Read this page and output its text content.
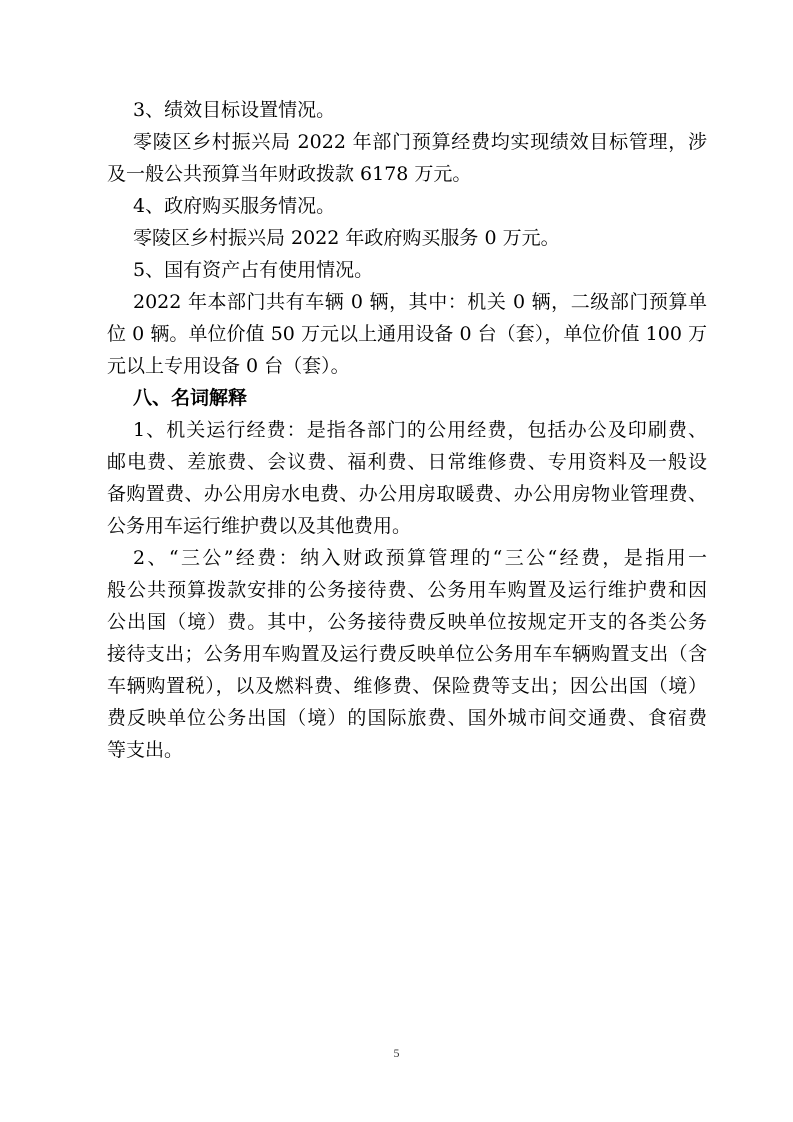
3、绩效目标设置情况。
零陵区乡村振兴局 2022 年部门预算经费均实现绩效目标管理，涉
及一般公共预算当年财政拨款 6178 万元。
4、政府购买服务情况。
零陵区乡村振兴局 2022 年政府购买服务 0 万元。
5、国有资产占有使用情况。
2022 年本部门共有车辆 0 辆，其中：机关 0 辆，二级部门预算单
位 0 辆。单位价值 50 万元以上通用设备 0 台（套），单位价值 100 万
元以上专用设备 0 台（套）。
八、名词解释
1、机关运行经费：是指各部门的公用经费，包括办公及印刷费、
邮电费、差旅费、会议费、福利费、日常维修费、专用资料及一般设
备购置费、办公用房水电费、办公用房取暖费、办公用房物业管理费、
公务用车运行维护费以及其他费用。
2、“三公”经费：纳入财政预算管理的“三公“经费，是指用一
般公共预算拨款安排的公务接待费、公务用车购置及运行维护费和因
公出国（境）费。其中，公务接待费反映单位按规定开支的各类公务
接待支出；公务用车购置及运行费反映单位公务用车车辆购置支出（含
车辆购置税），以及燃料费、维修费、保险费等支出；因公出国（境）
费反映单位公务出国（境）的国际旅费、国外城市间交通费、食宿费
等支出。
5
